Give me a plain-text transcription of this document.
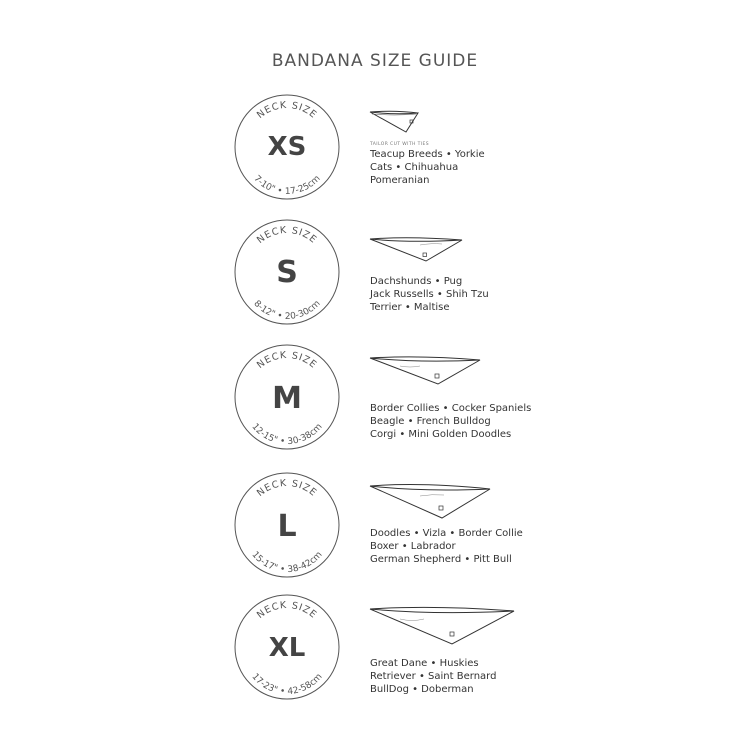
BANDANA SIZE GUIDE
NECK SIZE
XS
7-10" • 17-25cm
TAILOR CUT WITH TIES
Teacup Breeds • Yorkie
Cats • Chihuahua
Pomeranian
NECK SIZE
S
8-12" • 20-30cm
Dachshunds • Pug
Jack Russells • Shih Tzu
Terrier • Maltise
NECK SIZE
M
12-15" • 30-38cm
Border Collies • Cocker Spaniels
Beagle • French Bulldog
Corgi • Mini Golden Doodles
NECK SIZE
L
15-17" • 38-42cm
Doodles • Vizla • Border Collie
Boxer • Labrador
German Shepherd • Pitt Bull
NECK SIZE
XL
17-23" • 42-58cm
Great Dane • Huskies
Retriever • Saint Bernard
BullDog • Doberman
